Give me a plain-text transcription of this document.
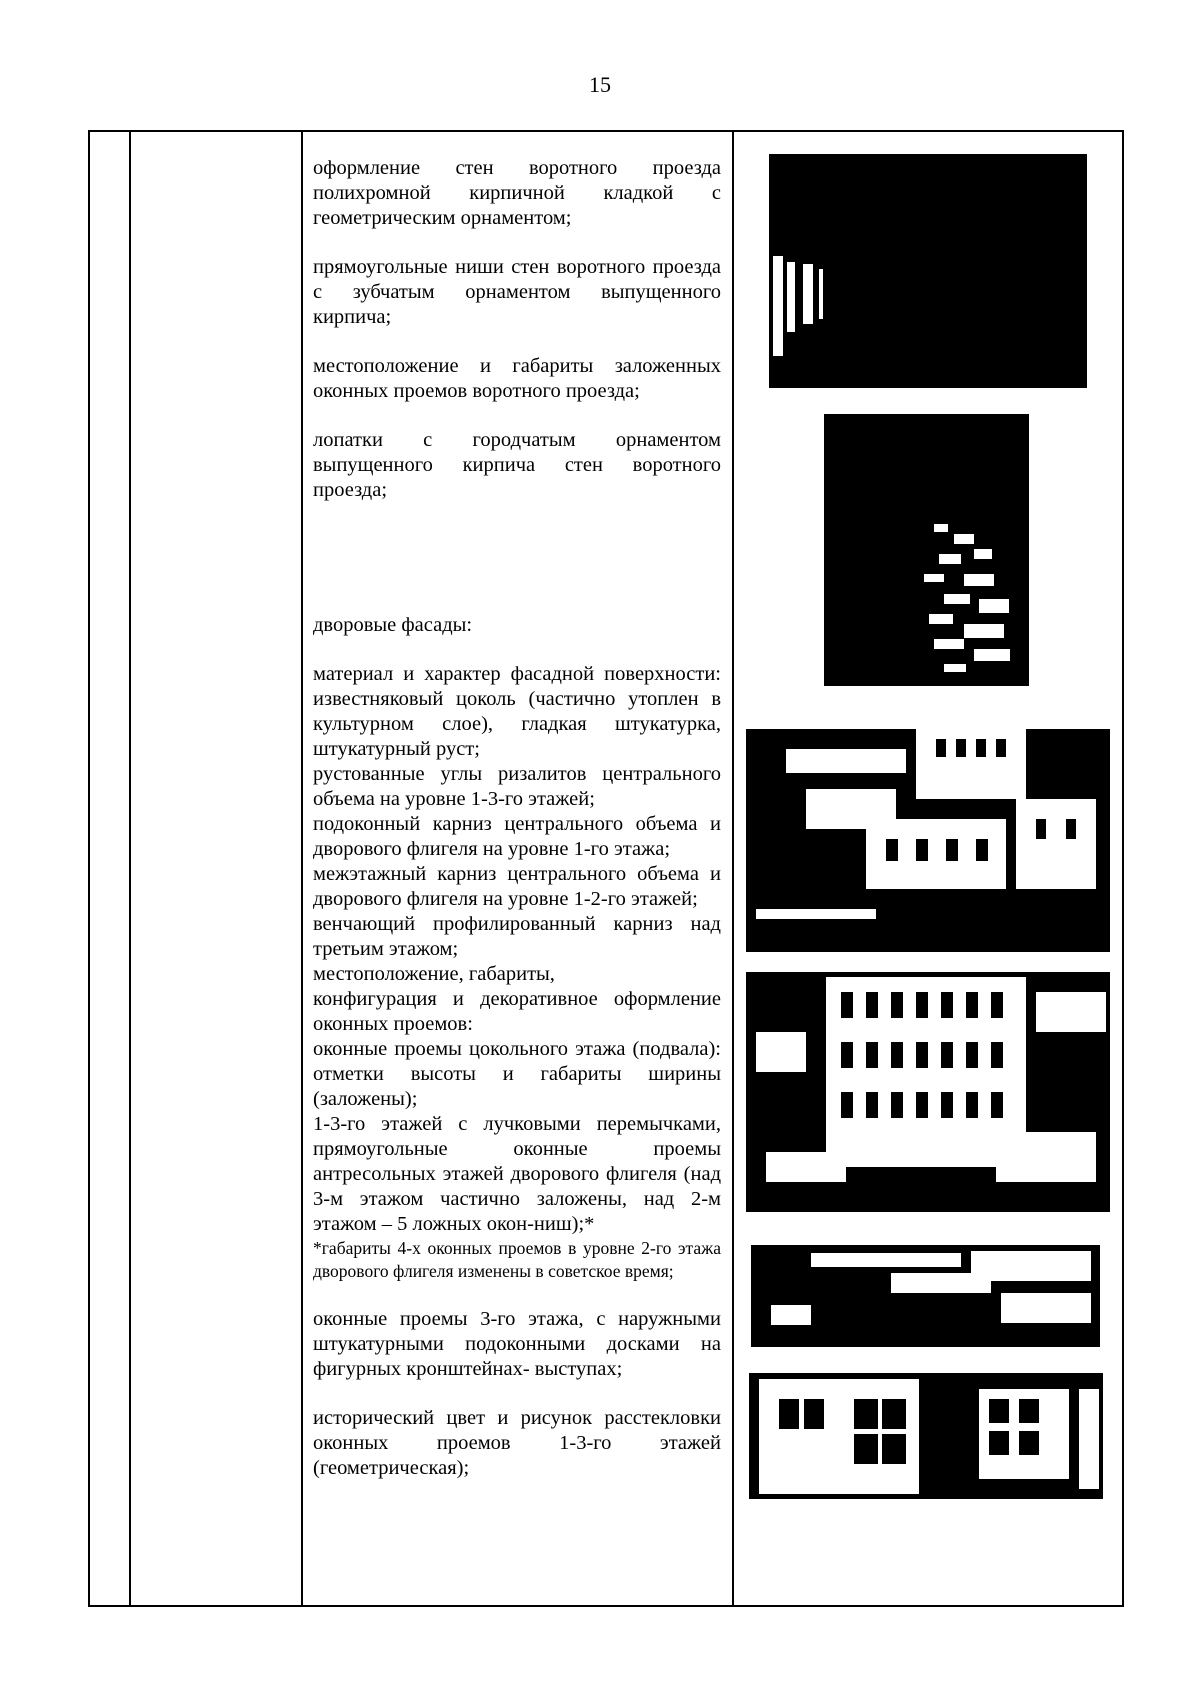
15

оформление стен воротного проезда полихромной кирпичной кладкой с геометрическим орнаментом;

прямоугольные ниши стен воротного проезда с зубчатым орнаментом выпущенного кирпича;

местоположение и габариты заложенных оконных проемов воротного проезда;

лопатки с городчатым орнаментом выпущенного кирпича стен воротного проезда;

дворовые фасады:

материал и характер фасадной поверхности: известняковый цоколь (частично утоплен в культурном слое), гладкая штукатурка, штукатурный руст;

рустованные углы ризалитов центрального объема на уровне 1-3-го этажей;

подоконный карниз центрального объема и дворового флигеля на уровне 1-го этажа;

межэтажный карниз центрального объема и дворового флигеля на уровне 1-2-го этажей;

венчающий профилированный карниз над третьим этажом;

местоположение, габариты,

конфигурация и декоративное оформление оконных проемов:

оконные проемы цокольного этажа (подвала): отметки высоты и габариты ширины (заложены);

1-3-го этажей с лучковыми перемычками, прямоугольные оконные проемы антресольных этажей дворового флигеля (над 3-м этажом частично заложены, над 2-м этажом – 5 ложных окон-ниш);*

*габариты 4-х оконных проемов в уровне 2-го этажа дворового флигеля изменены в советское время;

оконные проемы 3-го этажа, с наружными штукатурными подоконными досками на фигурных кронштейнах- выступах;

исторический цвет и рисунок расстекловки оконных проемов 1-3-го этажей (геометрическая);
